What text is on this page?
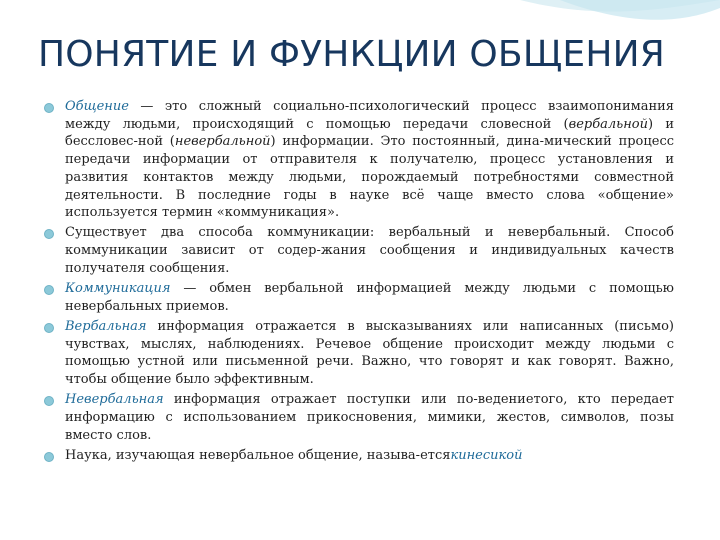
ПОНЯТИЕ И ФУНКЦИИ ОБЩЕНИЯ
Общение — это сложный социально-психологический процесс взаимопонимания между людьми, происходящий с помощью передачи словесной (вербальной) и бессловес-ной (невербальной) информации. Это постоянный, дина-мический процесс передачи информации от отправителя к получателю, процесс установления и развития контактов между людьми, порождаемый потребностями совместной деятельности. В последние годы в науке всё чаще вместо слова «общение» используется термин «коммуникация».
Существует два способа коммуникации: вербальный и невербальный. Способ коммуникации зависит от содер-жания сообщения и индивидуальных качеств получателя сообщения.
Коммуникация — обмен вербальной информацией между людьми с помощью невербальных приемов.
Вербальная информация отражается в высказываниях или написанных (письмо) чувствах, мыслях, наблюдениях. Речевое общение происходит между людьми с помощью устной или письменной речи. Важно, что говорят и как говорят. Важно, чтобы общение было эффективным.
Невербальная информация отражает поступки или по-ведениетого, кто передает информацию с использованием прикосновения, мимики, жестов, символов, позы вместо слов.
Наука, изучающая невербальное общение, называ-етсякинесикой
